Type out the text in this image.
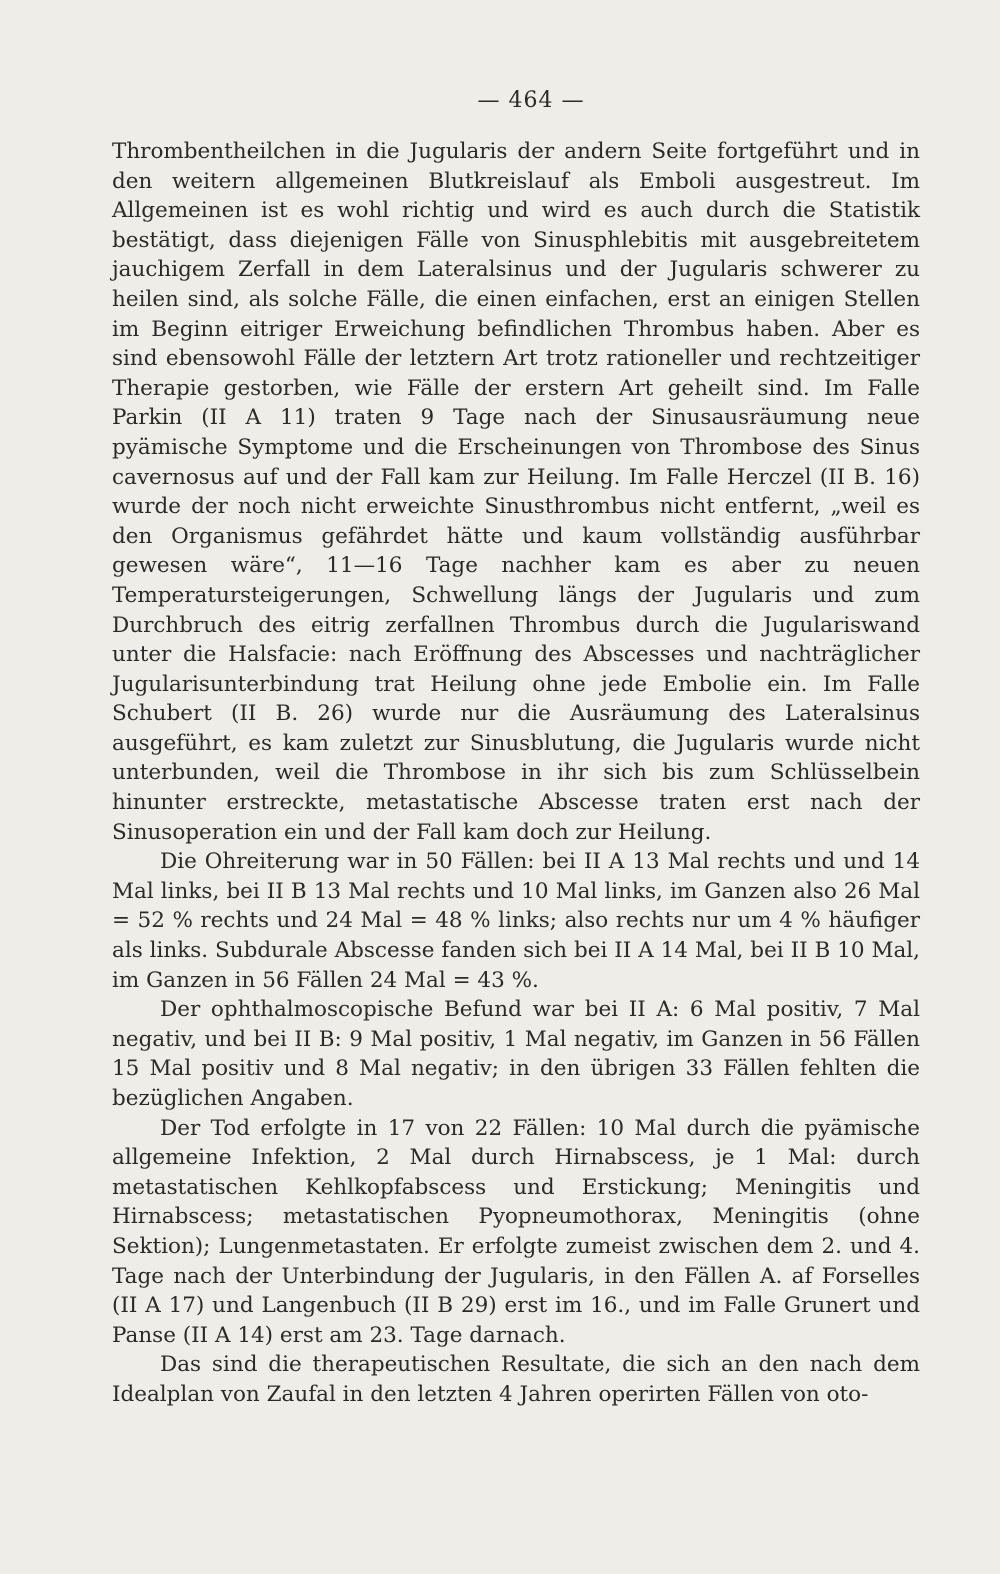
— 464 —

Thrombentheilchen in die Jugularis der andern Seite fortgeführt und in den weitern allgemeinen Blutkreislauf als Emboli ausgestreut. Im Allgemeinen ist es wohl richtig und wird es auch durch die Statistik bestätigt, dass diejenigen Fälle von Sinusphlebitis mit ausgebreitetem jauchigem Zerfall in dem Lateralsinus und der Jugularis schwerer zu heilen sind, als solche Fälle, die einen einfachen, erst an einigen Stellen im Beginn eitriger Erweichung befindlichen Thrombus haben. Aber es sind ebensowohl Fälle der letztern Art trotz rationeller und rechtzeitiger Therapie gestorben, wie Fälle der erstern Art geheilt sind. Im Falle Parkin (II A 11) traten 9 Tage nach der Sinusausräumung neue pyämische Symptome und die Erscheinungen von Thrombose des Sinus cavernosus auf und der Fall kam zur Heilung. Im Falle Herczel (II B. 16) wurde der noch nicht erweichte Sinusthrombus nicht entfernt, „weil es den Organismus gefährdet hätte und kaum vollständig ausführbar gewesen wäre“, 11—16 Tage nachher kam es aber zu neuen Temperatursteigerungen, Schwellung längs der Jugularis und zum Durchbruch des eitrig zerfallnen Thrombus durch die Jugulariswand unter die Halsfacie: nach Eröffnung des Abscesses und nachträglicher Jugularisunterbindung trat Heilung ohne jede Embolie ein. Im Falle Schubert (II B. 26) wurde nur die Ausräumung des Lateralsinus ausgeführt, es kam zuletzt zur Sinusblutung, die Jugularis wurde nicht unterbunden, weil die Thrombose in ihr sich bis zum Schlüsselbein hinunter erstreckte, metastatische Abscesse traten erst nach der Sinusoperation ein und der Fall kam doch zur Heilung.

Die Ohreiterung war in 50 Fällen: bei II A 13 Mal rechts und und 14 Mal links, bei II B 13 Mal rechts und 10 Mal links, im Ganzen also 26 Mal = 52 % rechts und 24 Mal = 48 % links; also rechts nur um 4 % häufiger als links. Subdurale Abscesse fanden sich bei II A 14 Mal, bei II B 10 Mal, im Ganzen in 56 Fällen 24 Mal = 43 %.

Der ophthalmoscopische Befund war bei II A: 6 Mal positiv, 7 Mal negativ, und bei II B: 9 Mal positiv, 1 Mal negativ, im Ganzen in 56 Fällen 15 Mal positiv und 8 Mal negativ; in den übrigen 33 Fällen fehlten die bezüglichen Angaben.

Der Tod erfolgte in 17 von 22 Fällen: 10 Mal durch die pyämische allgemeine Infektion, 2 Mal durch Hirnabscess, je 1 Mal: durch metastatischen Kehlkopfabscess und Erstickung; Meningitis und Hirnabscess; metastatischen Pyopneumothorax, Meningitis (ohne Sektion); Lungenmetastaten. Er erfolgte zumeist zwischen dem 2. und 4. Tage nach der Unterbindung der Jugularis, in den Fällen A. af Forselles (II A 17) und Langenbuch (II B 29) erst im 16., und im Falle Grunert und Panse (II A 14) erst am 23. Tage darnach.

Das sind die therapeutischen Resultate, die sich an den nach dem Idealplan von Zaufal in den letzten 4 Jahren operirten Fällen von oto-
